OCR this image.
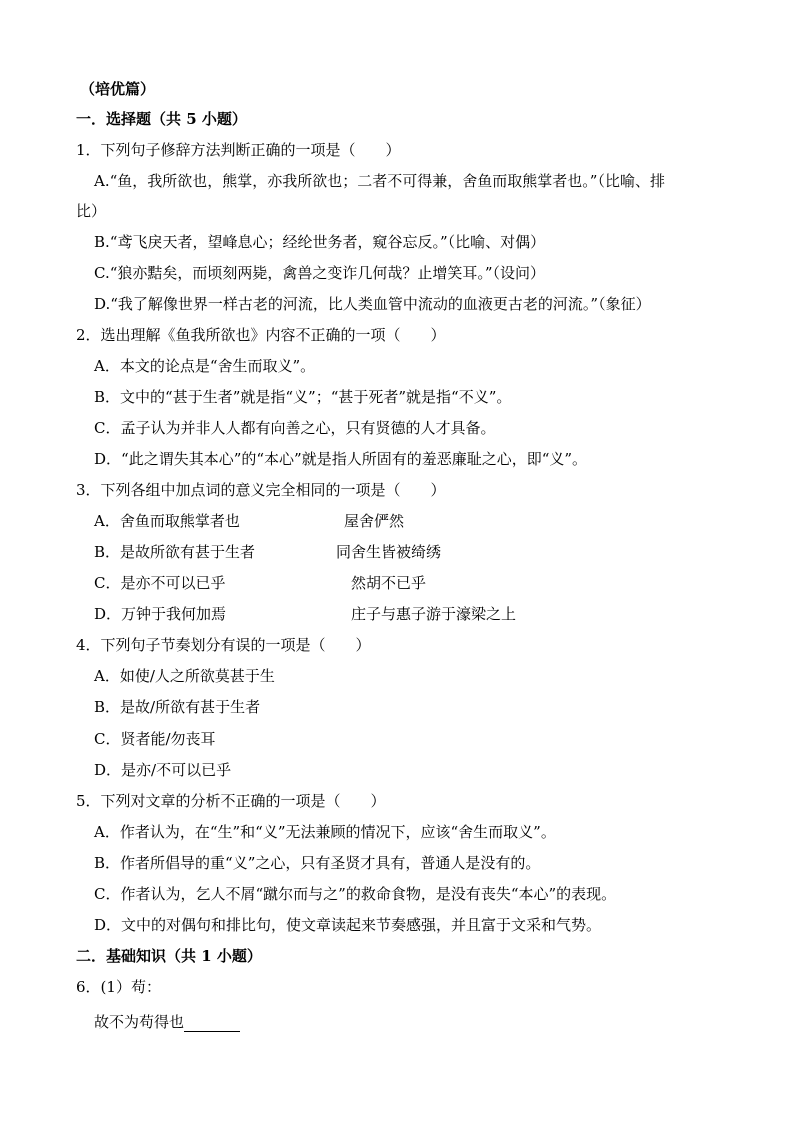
（培优篇）
一．选择题（共 5 小题）
1．下列句子修辞方法判断正确的一项是（　　）
A.“鱼，我所欲也，熊掌，亦我所欲也；二者不可得兼，舍鱼而取熊掌者也。”（比喻、排
比）
B.“鸢飞戾天者，望峰息心；经纶世务者，窥谷忘反。”（比喻、对偶）
C.“狼亦黠矣，而顷刻两毙，禽兽之变诈几何哉？止增笑耳。”（设问）
D.“我了解像世界一样古老的河流，比人类血管中流动的血液更古老的河流。”（象征）
2．选出理解《鱼我所欲也》内容不正确的一项（　　）
A．本文的论点是“舍生而取义”。
B．文中的“甚于生者”就是指“义”；“甚于死者”就是指“不义”。
C．孟子认为并非人人都有向善之心，只有贤德的人才具备。
D．“此之谓失其本心”的“本心”就是指人所固有的羞恶廉耻之心，即“义”。
3．下列各组中加点词的意义完全相同的一项是（　　）
A．舍鱼而取熊掌者也	屋舍俨然
B．是故所欲有甚于生者	同舍生皆被绮绣
C．是亦不可以已乎	然胡不已乎
D．万钟于我何加焉	庄子与惠子游于濠梁之上
4．下列句子节奏划分有误的一项是（　　）
A．如使/人之所欲莫甚于生
B．是故/所欲有甚于生者
C．贤者能/勿丧耳
D．是亦/不可以已乎
5．下列对文章的分析不正确的一项是（　　）
A．作者认为，在“生”和“义”无法兼顾的情况下，应该“舍生而取义”。
B．作者所倡导的重“义”之心，只有圣贤才具有，普通人是没有的。
C．作者认为，乞人不屑“蹴尔而与之”的救命食物，是没有丧失“本心”的表现。
D．文中的对偶句和排比句，使文章读起来节奏感强，并且富于文采和气势。
二．基础知识（共 1 小题）
6．(1）苟：
故不为苟得也
